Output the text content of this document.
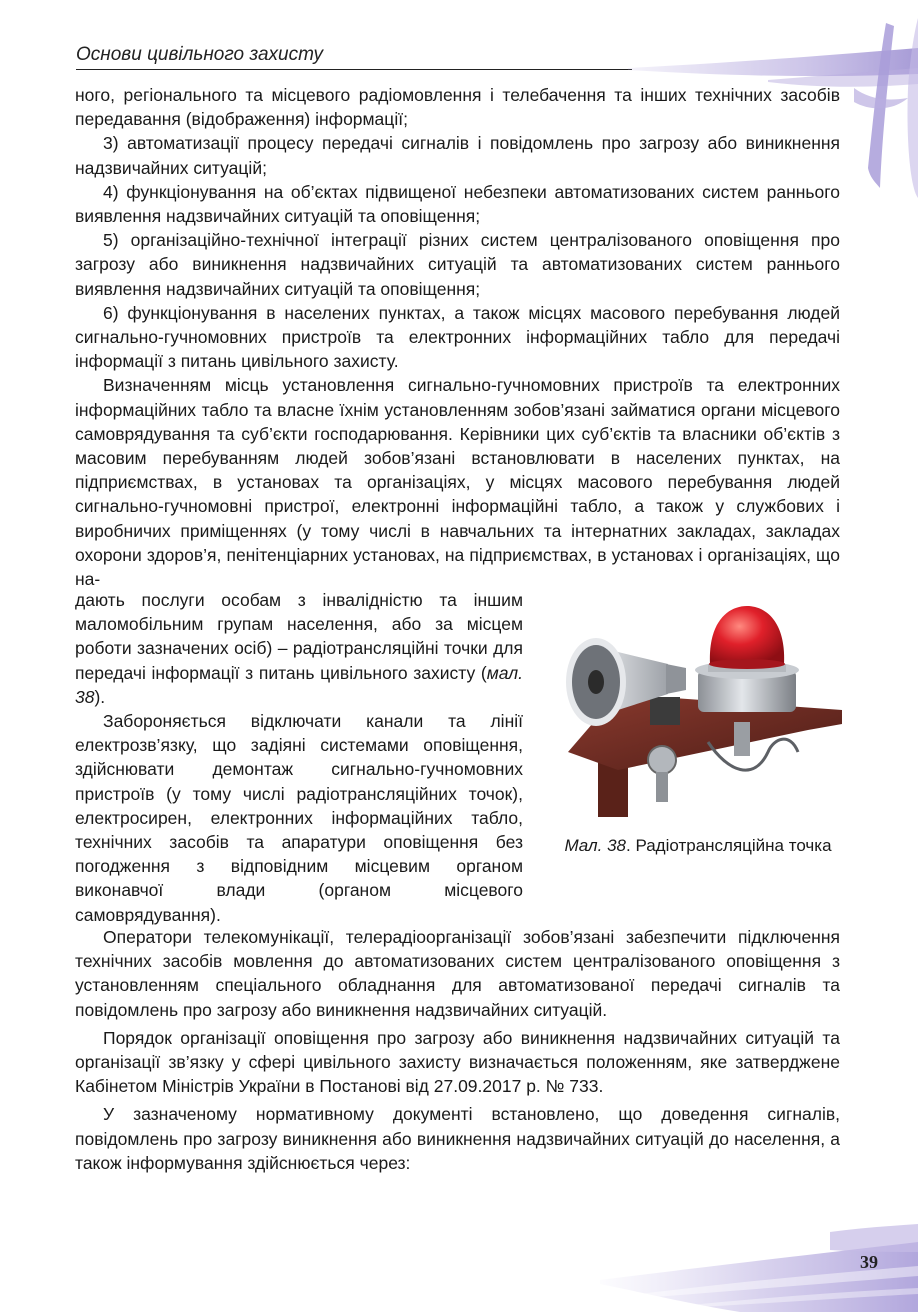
Основи цивільного захисту

ного, регіонального та місцевого радіомовлення і телебачення та інших технічних засобів передавання (відображення) інформації;

3) автоматизації процесу передачі сигналів і повідомлень про загрозу або виникнення надзвичайних ситуацій;

4) функціонування на об’єктах підвищеної небезпеки автоматизованих систем раннього виявлення надзвичайних ситуацій та оповіщення;

5) організаційно-технічної інтеграції різних систем централізованого оповіщення про загрозу або виникнення надзвичайних ситуацій та автоматизованих систем раннього виявлення надзвичайних ситуацій та оповіщення;

6) функціонування в населених пунктах, а також місцях масового перебування людей сигнально-гучномовних пристроїв та електронних інформаційних табло для передачі інформації з питань цивільного захисту.

Визначенням місць установлення сигнально-гучномовних пристроїв та електронних інформаційних табло та власне їхнім установленням зобов’язані займатися органи місцевого самоврядування та суб’єкти господарювання. Керівники цих суб’єктів та власники об’єктів з масовим перебуванням людей зобов’язані встановлювати в населених пунктах, на підприємствах, в установах та організаціях, у місцях масового перебування людей сигнально-гучномовні пристрої, електронні інформаційні табло, а також у службових і виробничих приміщеннях (у тому числі в навчальних та інтернатних закладах, закладах охорони здоров’я, пенітенціарних установах, на підприємствах, в установах і організаціях, що на-

дають послуги особам з інвалідністю та іншим маломобільним групам населення, або за місцем роботи зазначених осіб) – радіотрансляційні точки для передачі інформації з питань цивільного захисту (мал. 38).

Забороняється відключати канали та лінії електрозв’язку, що задіяні системами оповіщення, здійснювати демонтаж сигнально-гучномовних пристроїв (у тому числі радіотрансляційних точок), електросирен, електронних інформаційних табло, технічних засобів та апаратури оповіщення без погодження з відповідним місцевим органом виконавчої влади (органом місцевого самоврядування).

Мал. 38. Радіотрансляційна точка

Оператори телекомунікації, телерадіоорганізації зобов’язані забезпечити підключення технічних засобів мовлення до автоматизованих систем централізованого оповіщення з установленням спеціального обладнання для автоматизованої передачі сигналів та повідомлень про загрозу або виникнення надзвичайних ситуацій.

Порядок організації оповіщення про загрозу або виникнення надзвичайних ситуацій та організації зв’язку у сфері цивільного захисту визначається положенням, яке затверджене Кабінетом Міністрів України в Постанові від 27.09.2017 р. № 733.

У зазначеному нормативному документі встановлено, що доведення сигналів, повідомлень про загрозу виникнення або виникнення надзвичайних ситуацій до населення, а також інформування здійснюється через:

39
